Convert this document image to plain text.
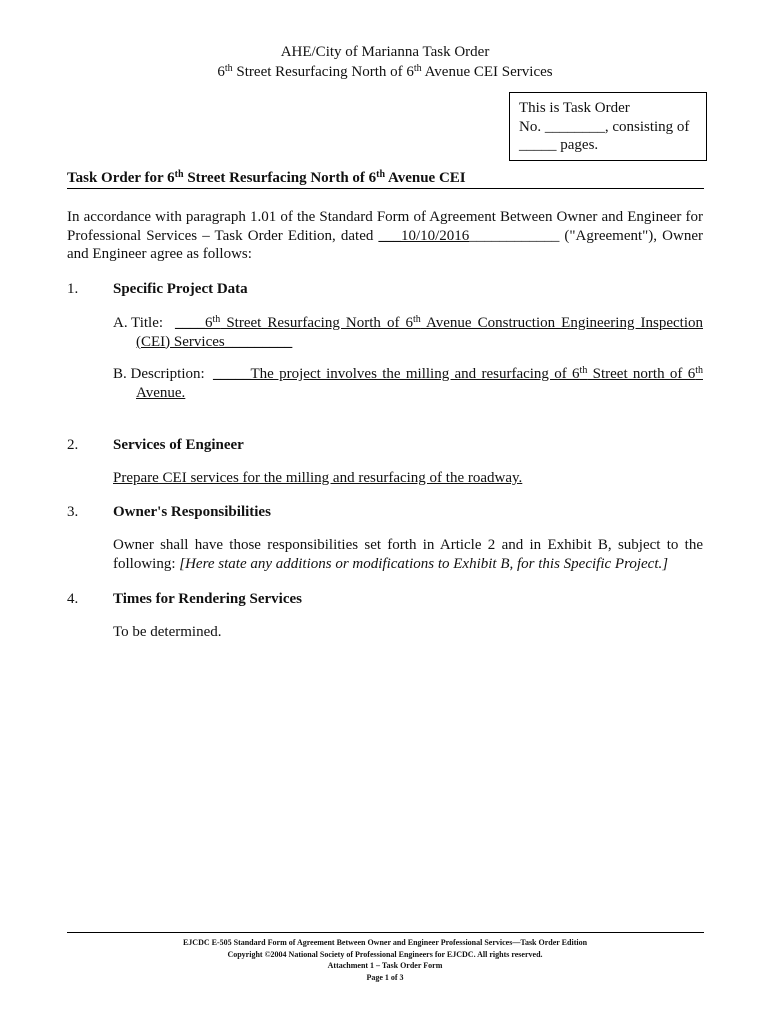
AHE/City of Marianna Task Order
6th Street Resurfacing North of 6th Avenue CEI Services
This is Task Order
No. ________, consisting of
_____ pages.
Task Order for 6th Street Resurfacing North of 6th Avenue CEI
In accordance with paragraph 1.01 of the Standard Form of Agreement Between Owner and Engineer for Professional Services – Task Order Edition, dated ___10/10/2016____________ ("Agreement"), Owner and Engineer agree as follows:
1. Specific Project Data
A. Title: ____6th Street Resurfacing North of 6th Avenue Construction Engineering Inspection (CEI) Services_________
B. Description: _____The project involves the milling and resurfacing of 6th Street north of 6th Avenue.
2. Services of Engineer
Prepare CEI services for the milling and resurfacing of the roadway.
3. Owner's Responsibilities
Owner shall have those responsibilities set forth in Article 2 and in Exhibit B, subject to the following: [Here state any additions or modifications to Exhibit B, for this Specific Project.]
4. Times for Rendering Services
To be determined.
EJCDC E-505 Standard Form of Agreement Between Owner and Engineer Professional Services—Task Order Edition
Copyright ©2004 National Society of Professional Engineers for EJCDC. All rights reserved.
Attachment 1 – Task Order Form
Page 1 of 3
